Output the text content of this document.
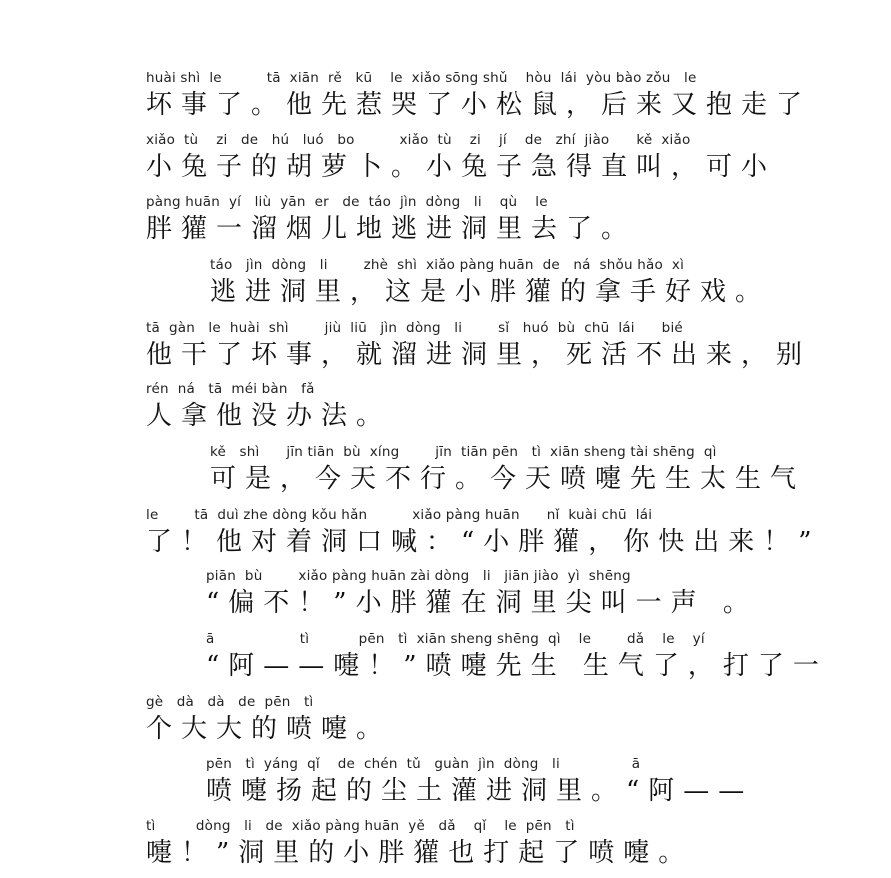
huài shì  le          tā  xiān  rě   kū    le  xiǎo sōng shǔ    hòu  lái  yòu bào zǒu   le
坏事了。他先惹哭了小松鼠，后来又抱走了
xiǎo  tù    zi   de   hú   luó   bo          xiǎo  tù    zi    jí    de   zhí  jiào      kě  xiǎo
小兔子的胡萝卜。小兔子急得直叫，可小
pàng huān  yí   liù  yān  er   de  táo  jìn  dòng   li    qù    le
胖獾一溜烟儿地逃进洞里去了。
táo   jìn  dòng   li        zhè  shì  xiǎo pàng huān  de   ná  shǒu hǎo  xì
逃进洞里，这是小胖獾的拿手好戏。
tā  gàn   le  huài  shì        jiù  liū   jìn  dòng   li        sǐ   huó  bù  chū  lái      bié
他干了坏事，就溜进洞里，死活不出来，别
rén  ná   tā  méi bàn   fǎ
人拿他没办法。
kě   shì      jīn tiān  bù  xíng        jīn  tiān pēn   tì  xiān sheng tài shēng  qì
可是，今天不行。今天喷嚏先生太生气
le        tā  duì zhe dòng kǒu hǎn          xiǎo pàng huān      nǐ  kuài chū  lái
了！他对着洞口喊：“小胖獾，你快出来！”
piān  bù        xiǎo pàng huān zài dòng   li   jiān jiào  yì  shēng
“偏不！”小胖獾在洞里尖叫一声 。
ā                   tì           pēn   tì  xiān sheng shēng  qì    le        dǎ    le    yí
“阿——嚏！”喷嚏先生 生气了，打了一
gè   dà   dà   de  pēn   tì
个大大的喷嚏。
pēn   tì  yáng  qǐ    de  chén  tǔ   guàn  jìn  dòng   li                ā
喷嚏扬起的尘土灌进洞里。“阿——
tì         dòng   li   de  xiǎo pàng huān  yě   dǎ    qǐ    le  pēn   tì
嚏！”洞里的小胖獾也打起了喷嚏。
